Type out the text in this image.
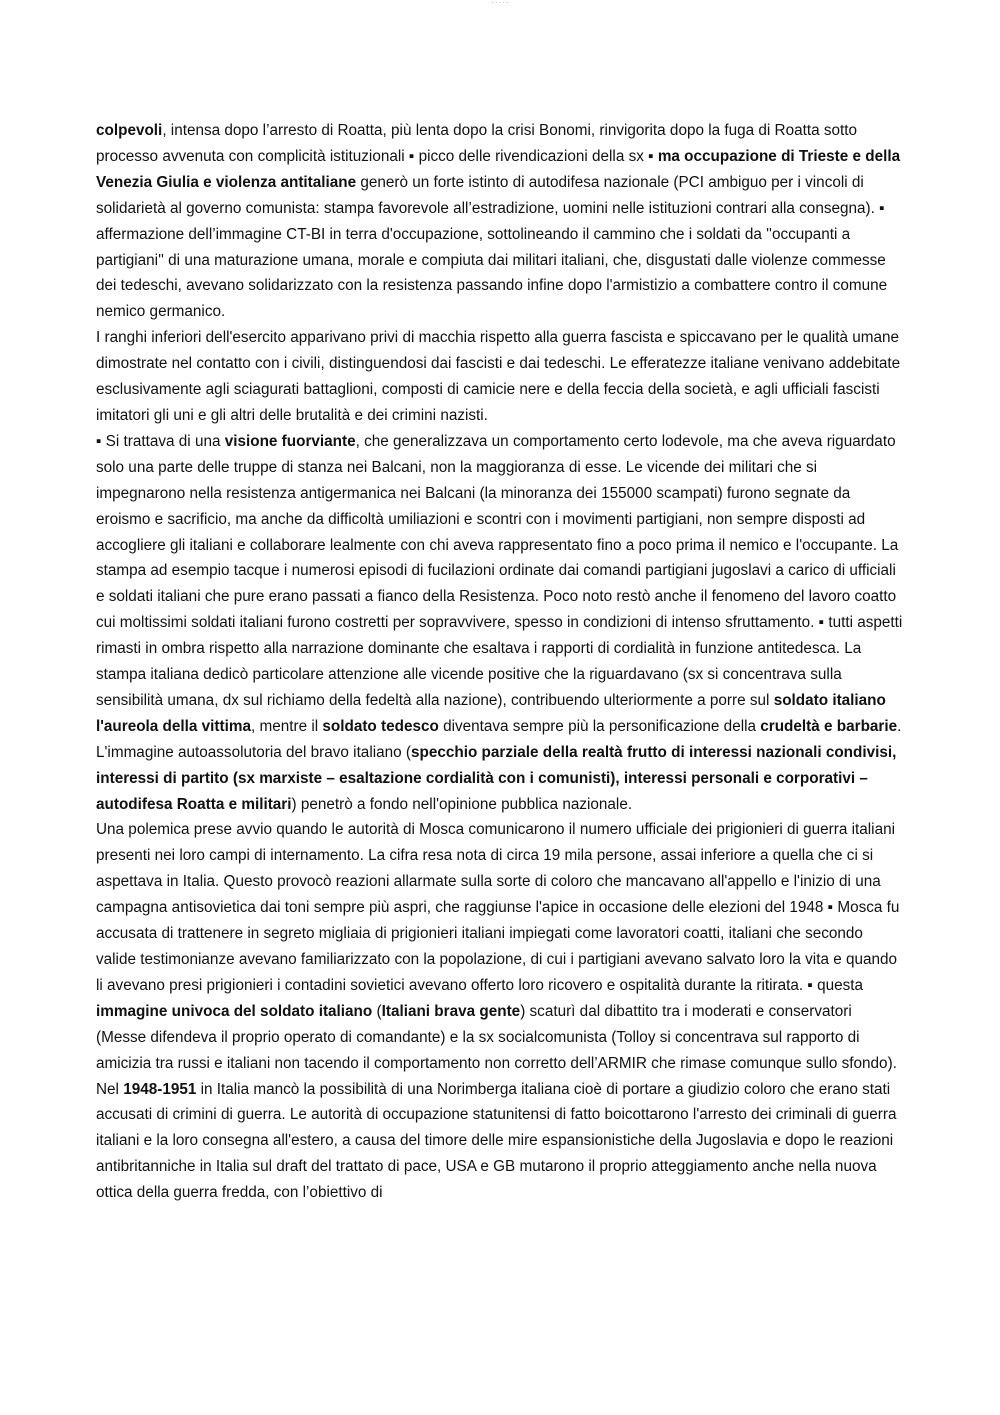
• • • • •

colpevoli, intensa dopo l’arresto di Roatta, più lenta dopo la crisi Bonomi, rinvigorita dopo la fuga di Roatta sotto processo avvenuta con complicità istituzionali ▪ picco delle rivendicazioni della sx ▪ ma occupazione di Trieste e della Venezia Giulia e violenza antitaliane generò un forte istinto di autodifesa nazionale (PCI ambiguo per i vincoli di solidarietà al governo comunista: stampa favorevole all’estradizione, uomini nelle istituzioni contrari alla consegna). ▪ affermazione dell’immagine CT-BI in terra d'occupazione, sottolineando il cammino che i soldati da ''occupanti a partigiani'' di una maturazione umana, morale e compiuta dai militari italiani, che, disgustati dalle violenze commesse dei tedeschi, avevano solidarizzato con la resistenza passando infine dopo l'armistizio a combattere contro il comune nemico germanico.

I ranghi inferiori dell'esercito apparivano privi di macchia rispetto alla guerra fascista e spiccavano per le qualità umane dimostrate nel contatto con i civili, distinguendosi dai fascisti e dai tedeschi. Le efferatezze italiane venivano addebitate esclusivamente agli sciagurati battaglioni, composti di camicie nere e della feccia della società, e agli ufficiali fascisti imitatori gli uni e gli altri delle brutalità e dei crimini nazisti.

▪ Si trattava di una visione fuorviante, che generalizzava un comportamento certo lodevole, ma che aveva riguardato solo una parte delle truppe di stanza nei Balcani, non la maggioranza di esse. Le vicende dei militari che si impegnarono nella resistenza antigermanica nei Balcani (la minoranza dei 155000 scampati) furono segnate da eroismo e sacrificio, ma anche da difficoltà umiliazioni e scontri con i movimenti partigiani, non sempre disposti ad accogliere gli italiani e collaborare lealmente con chi aveva rappresentato fino a poco prima il nemico e l'occupante. La stampa ad esempio tacque i numerosi episodi di fucilazioni ordinate dai comandi partigiani jugoslavi a carico di ufficiali e soldati italiani che pure erano passati a fianco della Resistenza. Poco noto restò anche il fenomeno del lavoro coatto cui moltissimi soldati italiani furono costretti per sopravvivere, spesso in condizioni di intenso sfruttamento. ▪ tutti aspetti rimasti in ombra rispetto alla narrazione dominante che esaltava i rapporti di cordialità in funzione antitedesca. La stampa italiana dedicò particolare attenzione alle vicende positive che la riguardavano (sx si concentrava sulla sensibilità umana, dx sul richiamo della fedeltà alla nazione), contribuendo ulteriormente a porre sul soldato italiano l'aureola della vittima, mentre il soldato tedesco diventava sempre più la personificazione della crudeltà e barbarie.

L'immagine autoassolutoria del bravo italiano (specchio parziale della realtà frutto di interessi nazionali condivisi, interessi di partito (sx marxiste – esaltazione cordialità con i comunisti), interessi personali e corporativi – autodifesa Roatta e militari) penetrò a fondo nell'opinione pubblica nazionale.

Una polemica prese avvio quando le autorità di Mosca comunicarono il numero ufficiale dei prigionieri di guerra italiani presenti nei loro campi di internamento. La cifra resa nota di circa 19 mila persone, assai inferiore a quella che ci si aspettava in Italia. Questo provocò reazioni allarmate sulla sorte di coloro che mancavano all'appello e l'inizio di una campagna antisovietica dai toni sempre più aspri, che raggiunse l'apice in occasione delle elezioni del 1948 ▪ Mosca fu accusata di trattenere in segreto migliaia di prigionieri italiani impiegati come lavoratori coatti, italiani che secondo valide testimonianze avevano familiarizzato con la popolazione, di cui i partigiani avevano salvato loro la vita e quando li avevano presi prigionieri i contadini sovietici avevano offerto loro ricovero e ospitalità durante la ritirata. ▪ questa immagine univoca del soldato italiano (Italiani brava gente) scaturì dal dibattito tra i moderati e conservatori (Messe difendeva il proprio operato di comandante) e la sx socialcomunista (Tolloy si concentrava sul rapporto di amicizia tra russi e italiani non tacendo il comportamento non corretto dell’ARMIR che rimase comunque sullo sfondo).

Nel 1948-1951 in Italia mancò la possibilità di una Norimberga italiana cioè di portare a giudizio coloro che erano stati accusati di crimini di guerra. Le autorità di occupazione statunitensi di fatto boicottarono l'arresto dei criminali di guerra italiani e la loro consegna all'estero, a causa del timore delle mire espansionistiche della Jugoslavia e dopo le reazioni antibritanniche in Italia sul draft del trattato di pace, USA e GB mutarono il proprio atteggiamento anche nella nuova ottica della guerra fredda, con l’obiettivo di
